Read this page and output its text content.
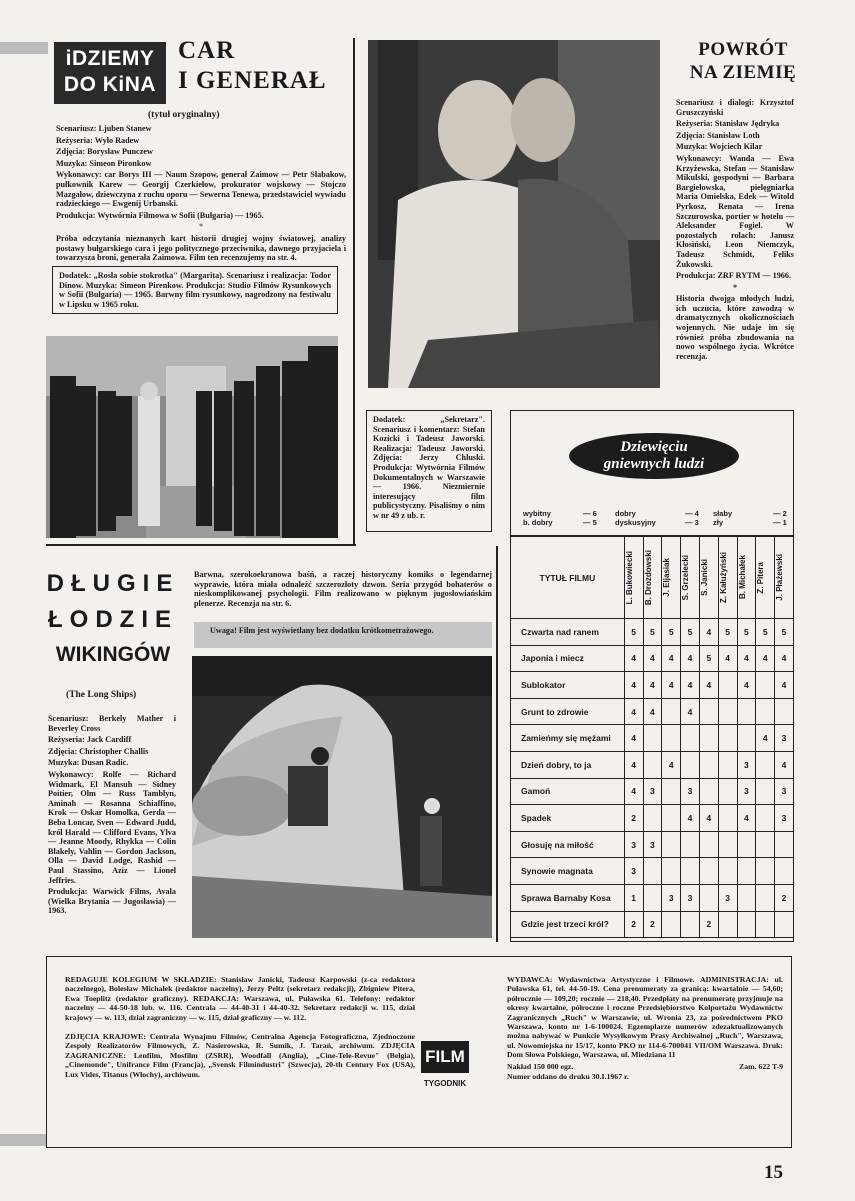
iDZIEMY
DO KiNA
CAR
I GENERAŁ
(tytuł oryginalny)

Scenariusz: Ljuben Stanew

Reżyseria: Wyło Radew

Zdjęcia: Borysław Punczew

Muzyka: Simeon Pironkow

Wykonawcy: car Borys III — Naum Szopow, generał Zaimow — Petr Słabakow, pułkownik Karew — Georgij Czerkiełow, prokurator wojskowy — Stojczo Mazgałow, dziewczyna z ruchu oporu — Sewerna Tenewa, przedstawiciel wywiadu radzieckiego — Ewgenij Urbanski.

Produkcja: Wytwórnia Filmowa w Sofii (Bułgaria) — 1965.

*

Próba odczytania nieznanych kart historii drugiej wojny światowej, analizy postawy bułgarskiego cara i jego politycznego przeciwnika, dawnego przyjaciela i towarzysza broni, generała Zaimowa. Film ten recenzujemy na str. 4.

Dodatek: „Rosła sobie stokrotka" (Margarita). Scenariusz i realizacja: Todor Dinow. Muzyka: Simeon Pirenkow. Produkcja: Studio Filmów Rysunkowych w Sofii (Bułgaria) — 1965. Barwny film rysunkowy, nagrodzony na festiwalu w Lipsku w 1965 roku.
POWRÓT
NA ZIEMIĘ

Scenariusz i dialogi: Krzysztof Gruszczyński

Reżyseria: Stanisław Jędryka

Zdjęcia: Stanisław Loth

Muzyka: Wojciech Kilar

Wykonawcy: Wanda — Ewa Krzyżewska, Stefan — Stanisław Mikulski, gospodyni — Barbara Bargiełowska, pielęgniarka Maria Omielska, Edek — Witold Pyrkosz, Renata — Irena Szczurowska, portier w hotelu — Aleksander Fogiel. W pozostałych rolach: Janusz Kłosiński, Leon Niemczyk, Tadeusz Schmidt, Feliks Żukowski.

Produkcja: ZRF RYTM — 1966.

*

Historia dwojga młodych ludzi, ich uczucia, które zawodzą w dramatycznych okolicznościach wojennych. Nie udaje im się również próba zbudowania na nowo wspólnego życia. Wkrótce recenzja.

Dodatek: „Sekretarz". Scenariusz i komentarz: Stefan Kozicki i Tadeusz Jaworski. Realizacja: Tadeusz Jaworski. Zdjęcia: Jerzy Chluski. Produkcja: Wytwórnia Filmów Dokumentalnych w Warszawie — 1966. Niezmiernie interesujący film publicystyczny. Pisaliśmy o nim w nr 49 z ub. r.
Dziewięciu
gniewnych ludzi
wybitny	— 6
b. dobry	— 5
dobry	— 4
dyskusyjny	— 3
słaby	— 2
zły	— 1
TYTUŁ FILMU	L. Bukowiecki	B. Drozdowski	J. Eljasiak	S. Grzelecki	S. Janicki	Z. Kałużyński	B. Michałek	Z. Pitera	J. Płażewski

Czwarta nad ranem	5	5	5	5	4	5	5	5	5
Japonia i miecz	4	4	4	4	5	4	4	4	4
Sublokator	4	4	4	4	4		4		4
Grunt to zdrowie	4	4		4					
Zamieńmy się mężami	4							4	3
Dzień dobry, to ja	4		4				3		4
Gamoń	4	3		3			3		3
Spadek	2			4	4		4		3
Głosuję na miłość	3	3							
Synowie magnata	3								
Sprawa Barnaby Kosa	1		3	3		3			2
Gdzie jest trzeci król?	2	2			2				
DŁUGIE
ŁODZIE
WIKINGÓW
(The Long Ships)

Scenariusz: Berkely Mather i Beverley Cross

Reżyseria: Jack Cardiff

Zdjęcia: Christopher Challis

Muzyka: Dusan Radic.

Wykonawcy: Rolfe — Richard Widmark, El Mansuh — Sidney Poitier, Olm — Russ Tamblyn, Aminah — Rosanna Schiaffino, Krok — Oskar Homolka, Gerda — Beba Loncar, Sven — Edward Judd, król Harald — Clifford Evans, Ylva — Jeanne Moody, Rhykka — Colin Blakely, Vahlin — Gordon Jackson, Olla — David Lodge, Rashid — Paul Stassino, Aziz — Lionel Jeffries.

Produkcja: Warwick Films, Avala (Wielka Brytania — Jugosławia) — 1963.

Barwna, szerokoekranowa baśń, a raczej historyczny komiks o legendarnej wyprawie, która miała odnaleźć szczerozłoty dzwon. Seria przygód bohaterów o nieskomplikowanej psychologii. Film realizowano w pięknym jugosłowiańskim plenerze. Recenzja na str. 6.
Uwaga! Film jest wyświetlany bez dodatku krótkometrażowego.

REDAGUJE KOLEGIUM W SKŁADZIE: Stanisław Janicki, Tadeusz Karpowski (z-ca redaktora naczelnego), Bolesław Michałek (redaktor naczelny), Jerzy Peltz (sekretarz redakcji), Zbigniew Pitera, Ewa Toeplitz (redaktor graficzny). REDAKCJA: Warszawa, ul. Puławska 61. Telefony: redaktor naczelny — 44-50-18 lub. w. 116. Centrala — 44-40-31 i 44-40-32. Sekretarz redakcji w. 115, dział krajowy — w. 113, dział zagraniczny — w. 115, dział graficzny — w. 112.

ZDJĘCIA KRAJOWE: Centrala Wynajmu Filmów, Centralna Agencja Fotograficzna, Zjednoczone Zespoły Realizatorów Filmowych, Z. Nasierowska, R. Sumik, J. Tarań, archiwum. ZDJĘCIA ZAGRANICZNE: Lenfilm, Mosfilm (ZSRR), Woodfall (Anglia), „Cine-Tele-Revue" (Belgia), „Cinemonde", Unifrance Film (Francja), „Svensk Filmindustri" (Szwecja), 20-th Century Fox (USA), Lux Vides, Titanus (Włochy), archiwum.

FILM
TYGODNIK

WYDAWCA: Wydawnictwa Artystyczne i Filmowe. ADMINISTRACJA: ul. Puławska 61, tel. 44-50-19. Cena prenumeraty za granicą: kwartalnie — 54,60; półrocznie — 109,20; rocznie — 218,40. Przedpłaty na prenumeratę przyjmuje na okresy kwartalne, półroczne i roczne Przedsiębiorstwo Kolportażu Wydawnictw Zagranicznych „Ruch" w Warszawie, ul. Wronia 23, za pośrednictwem PKO Warszawa, konto nr 1-6-100024. Egzemplarze numerów zdezaktualizowanych można nabywać w Punkcie Wysyłkowym Prasy Archiwalnej „Ruch", Warszawa, ul. Nowomiejska nr 15/17, konto PKO nr 114-6-700041 VII/OM Warszawa. Druk: Dom Słowa Polskiego, Warszawa, ul. Miedziana 11

Nakład 150 000 egz.	Zam. 622 T-9

Numer oddano do druku 30.I.1967 r.

15
